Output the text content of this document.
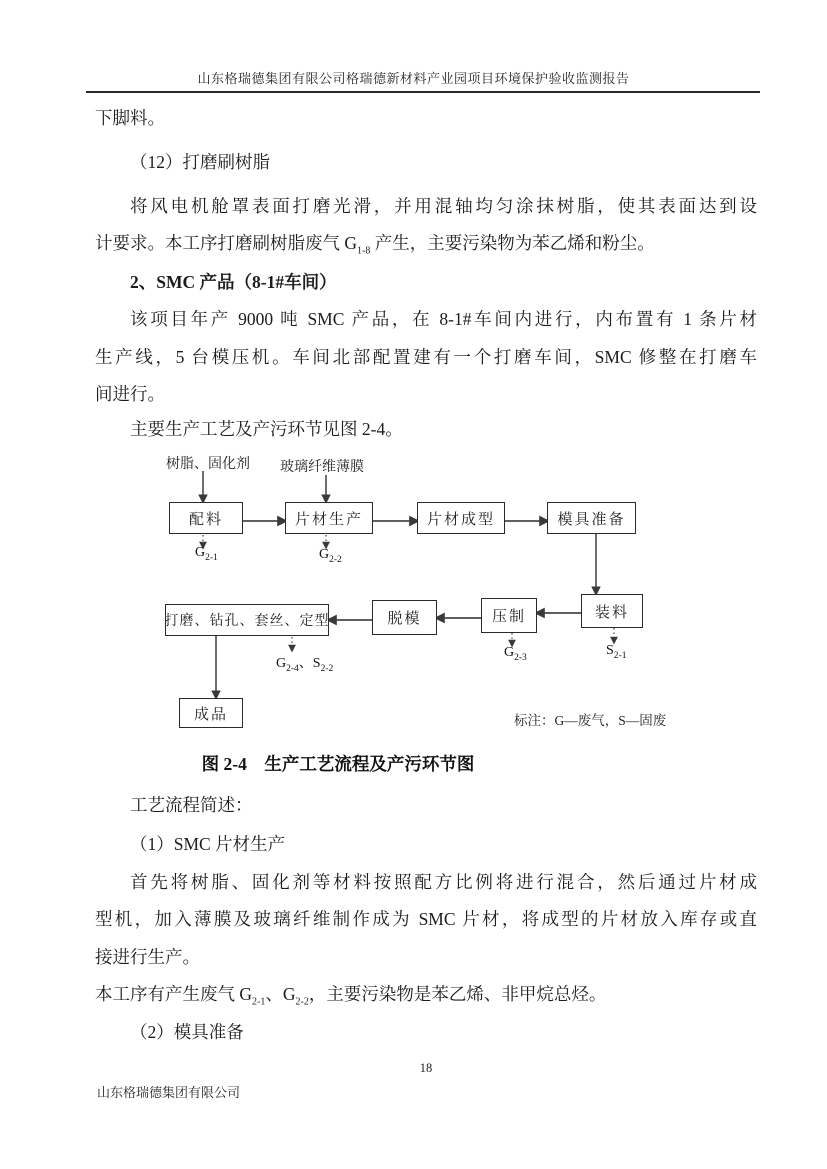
山东格瑞德集团有限公司格瑞德新材料产业园项目环境保护验收监测报告
下脚料。
（12）打磨刷树脂
将风电机舱罩表面打磨光滑，并用混轴均匀涂抹树脂，使其表面达到设
计要求。本工序打磨刷树脂废气 $G_{1-8}$ 产生，主要污染物为苯乙烯和粉尘。
2、SMC 产品（8-1#车间）
该项目年产 9000 吨 SMC 产品，在 8-1#车间内进行，内布置有 1 条片材
生产线，5 台模压机。车间北部配置建有一个打磨车间，SMC 修整在打磨车
间进行。
主要生产工艺及产污环节见图 2-4。
树脂、固化剂 玻璃纤维薄膜
配料	片材生产	片材成型	模具准备
装料
压制
脱模
打磨、钻孔、套丝、定型
成品
$G_{2-1}$	$G_{2-2}$
$S_{2-1}$
$G_{2-3}$
$G_{2-4}$、$S_{2-2}$
标注：G—废气，S—固废
图 2-4　生产工艺流程及产污环节图
工艺流程简述：
（1）SMC 片材生产
首先将树脂、固化剂等材料按照配方比例将进行混合，然后通过片材成
型机，加入薄膜及玻璃纤维制作成为 SMC 片材，将成型的片材放入库存或直
接进行生产。
本工序有产生废气 $G_{2-1}$、$G_{2-2}$，主要污染物是苯乙烯、非甲烷总烃。
（2）模具准备
18
山东格瑞德集团有限公司
